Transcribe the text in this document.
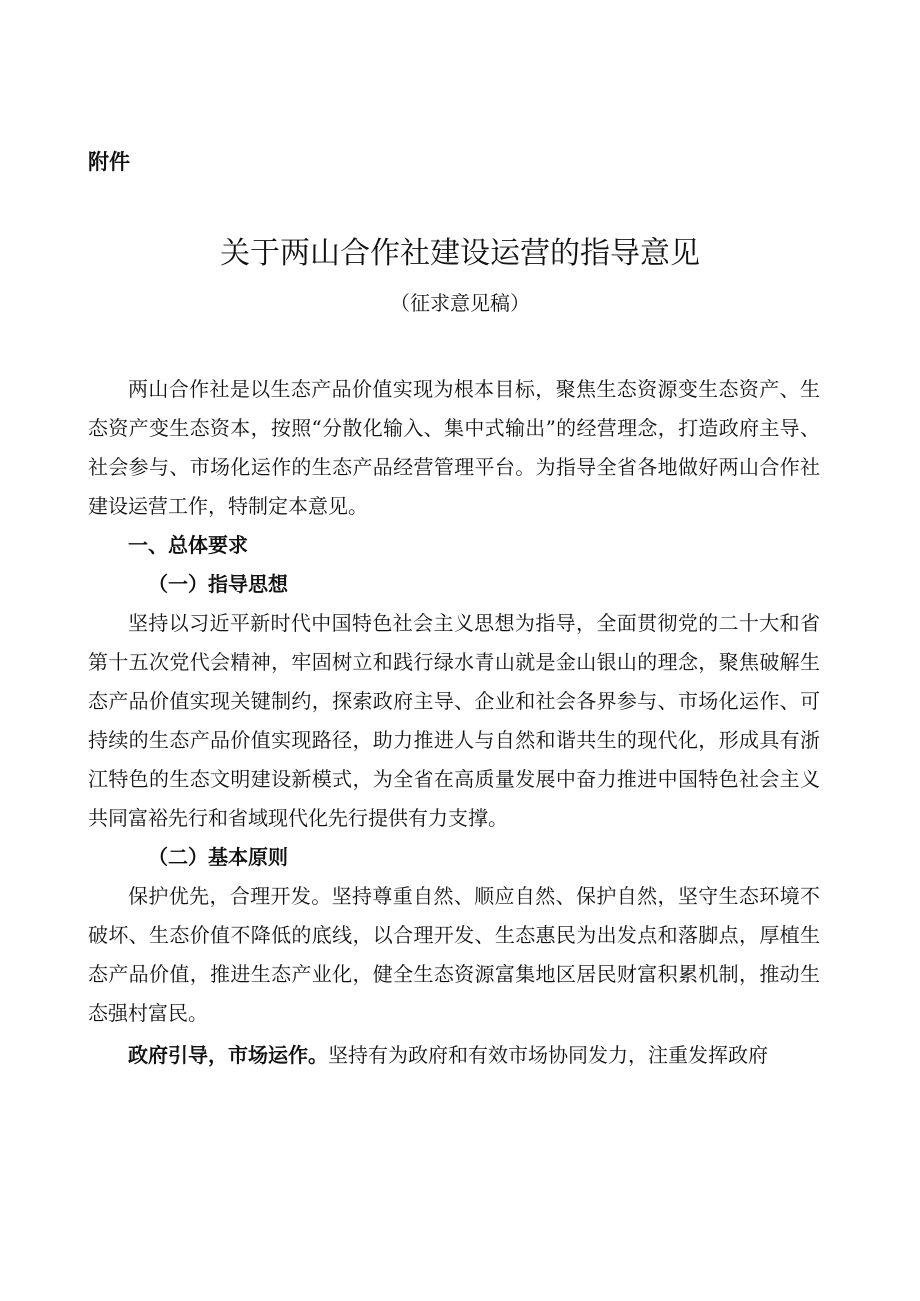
附件

关于两山合作社建设运营的指导意见

（征求意见稿）

两山合作社是以生态产品价值实现为根本目标，聚焦生态资源变生态资产、生态资产变生态资本，按照“分散化输入、集中式输出”的经营理念，打造政府主导、社会参与、市场化运作的生态产品经营管理平台。为指导全省各地做好两山合作社建设运营工作，特制定本意见。

一、总体要求
（一）指导思想

坚持以习近平新时代中国特色社会主义思想为指导，全面贯彻党的二十大和省第十五次党代会精神，牢固树立和践行绿水青山就是金山银山的理念，聚焦破解生态产品价值实现关键制约，探索政府主导、企业和社会各界参与、市场化运作、可持续的生态产品价值实现路径，助力推进人与自然和谐共生的现代化，形成具有浙江特色的生态文明建设新模式，为全省在高质量发展中奋力推进中国特色社会主义共同富裕先行和省域现代化先行提供有力支撑。

（二）基本原则

保护优先，合理开发。坚持尊重自然、顺应自然、保护自然，坚守生态环境不破坏、生态价值不降低的底线，以合理开发、生态惠民为出发点和落脚点，厚植生态产品价值，推进生态产业化，健全生态资源富集地区居民财富积累机制，推动生态强村富民。

政府引导，市场运作。坚持有为政府和有效市场协同发力，注重发挥政府
